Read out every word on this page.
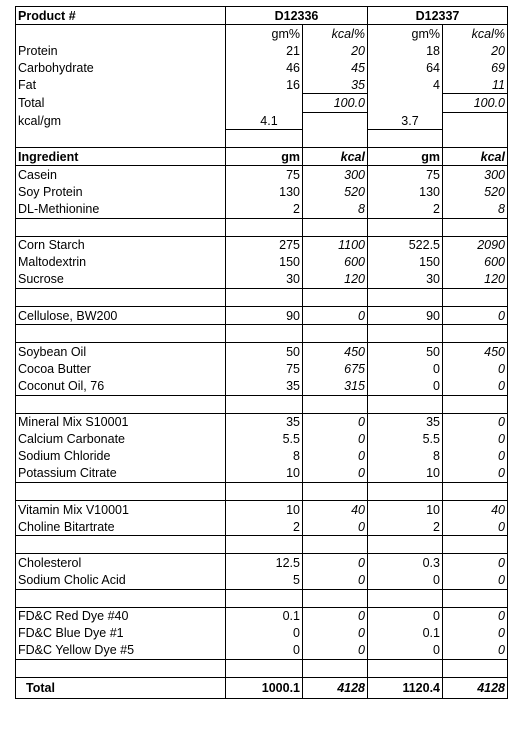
Product #	D12336		D12337	
	gm%	kcal%	gm%	kcal%
Protein	21	20	18	20
Carbohydrate	46	45	64	69
Fat	16	35	4	11
Total		100.0		100.0
kcal/gm	4.1		3.7	

Ingredient	gm	kcal	gm	kcal
Casein	75	300	75	300
Soy Protein	130	520	130	520
DL-Methionine	2	8	2	8

Corn Starch	275	1100	522.5	2090
Maltodextrin	150	600	150	600
Sucrose	30	120	30	120

Cellulose, BW200	90	0	90	0

Soybean Oil	50	450	50	450
Cocoa Butter	75	675	0	0
Coconut Oil, 76	35	315	0	0

Mineral Mix S10001	35	0	35	0
Calcium Carbonate	5.5	0	5.5	0
Sodium Chloride	8	0	8	0
Potassium Citrate	10	0	10	0

Vitamin Mix V10001	10	40	10	40
Choline Bitartrate	2	0	2	0

Cholesterol	12.5	0	0.3	0
Sodium Cholic Acid	5	0	0	0

FD&C Red Dye #40	0.1	0	0	0
FD&C Blue Dye #1	0	0	0.1	0
FD&C Yellow Dye #5	0	0	0	0

Total	1000.1	4128	1120.4	4128
